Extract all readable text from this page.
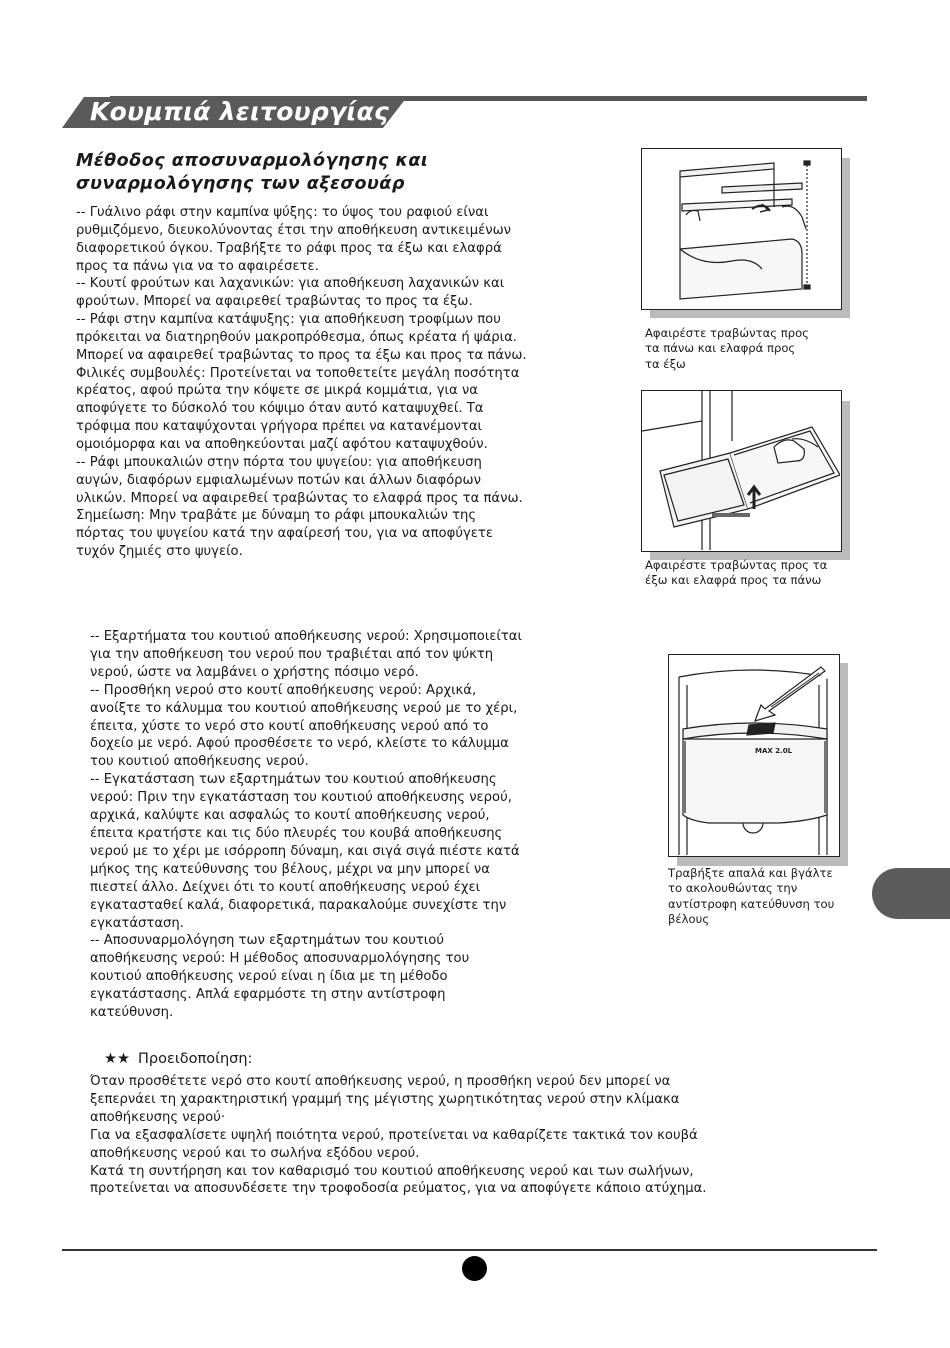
Κουμπιά λειτουργίας
Μέθοδος αποσυναρμολόγησης και
συναρμολόγησης των αξεσουάρ

-- Γυάλινο ράφι στην καμπίνα ψύξης: το ύψος του ραφιού είναι

ρυθμιζόμενο, διευκολύνοντας έτσι την αποθήκευση αντικειμένων

διαφορετικού όγκου. Τραβήξτε το ράφι προς τα έξω και ελαφρά

προς τα πάνω για να το αφαιρέσετε.

-- Κουτί φρούτων και λαχανικών: για αποθήκευση λαχανικών και

φρούτων. Μπορεί να αφαιρεθεί τραβώντας το προς τα έξω.

-- Ράφι στην καμπίνα κατάψυξης: για αποθήκευση τροφίμων που

πρόκειται να διατηρηθούν μακροπρόθεσμα, όπως κρέατα ή ψάρια.

Μπορεί να αφαιρεθεί τραβώντας το προς τα έξω και προς τα πάνω.

Φιλικές συμβουλές: Προτείνεται να τοποθετείτε μεγάλη ποσότητα

κρέατος, αφού πρώτα την κόψετε σε μικρά κομμάτια, για να

αποφύγετε το δύσκολό του κόψιμο όταν αυτό καταψυχθεί. Τα

τρόφιμα που καταψύχονται γρήγορα πρέπει να κατανέμονται

ομοιόμορφα και να αποθηκεύονται μαζί αφότου καταψυχθούν.

-- Ράφι μπουκαλιών στην πόρτα του ψυγείου: για αποθήκευση

αυγών, διαφόρων εμφιαλωμένων ποτών και άλλων διαφόρων

υλικών. Μπορεί να αφαιρεθεί τραβώντας το ελαφρά προς τα πάνω.

Σημείωση: Μην τραβάτε με δύναμη το ράφι μπουκαλιών της

πόρτας του ψυγείου κατά την αφαίρεσή του, για να αποφύγετε

τυχόν ζημιές στο ψυγείο.

Αφαιρέστε τραβώντας προς
τα πάνω και ελαφρά προς
τα έξω
Αφαιρέστε τραβώντας προς τα
έξω και ελαφρά προς τα πάνω

-- Εξαρτήματα του κουτιού αποθήκευσης νερού: Χρησιμοποιείται

για την αποθήκευση του νερού που τραβιέται από τον ψύκτη

νερού, ώστε να λαμβάνει ο χρήστης πόσιμο νερό.

-- Προσθήκη νερού στο κουτί αποθήκευσης νερού: Αρχικά,

ανοίξτε το κάλυμμα του κουτιού αποθήκευσης νερού με το χέρι,

έπειτα, χύστε το νερό στο κουτί αποθήκευσης νερού από το

δοχείο με νερό. Αφού προσθέσετε το νερό, κλείστε το κάλυμμα

του κουτιού αποθήκευσης νερού.

-- Εγκατάσταση των εξαρτημάτων του κουτιού αποθήκευσης

νερού: Πριν την εγκατάσταση του κουτιού αποθήκευσης νερού,

αρχικά, καλύψτε και ασφαλώς το κουτί αποθήκευσης νερού,

έπειτα κρατήστε και τις δύο πλευρές του κουβά αποθήκευσης

νερού με το χέρι με ισόρροπη δύναμη, και σιγά σιγά πιέστε κατά

μήκος της κατεύθυνσης του βέλους, μέχρι να μην μπορεί να

πιεστεί άλλο. Δείχνει ότι το κουτί αποθήκευσης νερού έχει

εγκατασταθεί καλά, διαφορετικά, παρακαλούμε συνεχίστε την

εγκατάσταση.

-- Αποσυναρμολόγηση των εξαρτημάτων του κουτιού

αποθήκευσης νερού: Η μέθοδος αποσυναρμολόγησης του

κουτιού αποθήκευσης νερού είναι η ίδια με τη μέθοδο

εγκατάστασης. Απλά εφαρμόστε τη στην αντίστροφη

κατεύθυνση.

MAX 2.0L
Τραβήξτε απαλά και βγάλτε
το ακολουθώντας την
αντίστροφη κατεύθυνση του
βέλους
★★ Προειδοποίηση:

Όταν προσθέτετε νερό στο κουτί αποθήκευσης νερού, η προσθήκη νερού δεν μπορεί να

ξεπερνάει τη χαρακτηριστική γραμμή της μέγιστης χωρητικότητας νερού στην κλίμακα

αποθήκευσης νερού·

Για να εξασφαλίσετε υψηλή ποιότητα νερού, προτείνεται να καθαρίζετε τακτικά τον κουβά

αποθήκευσης νερού και το σωλήνα εξόδου νερού.

Κατά τη συντήρηση και τον καθαρισμό του κουτιού αποθήκευσης νερού και των σωλήνων,

προτείνεται να αποσυνδέσετε την τροφοδοσία ρεύματος, για να αποφύγετε κάποιο ατύχημα.
